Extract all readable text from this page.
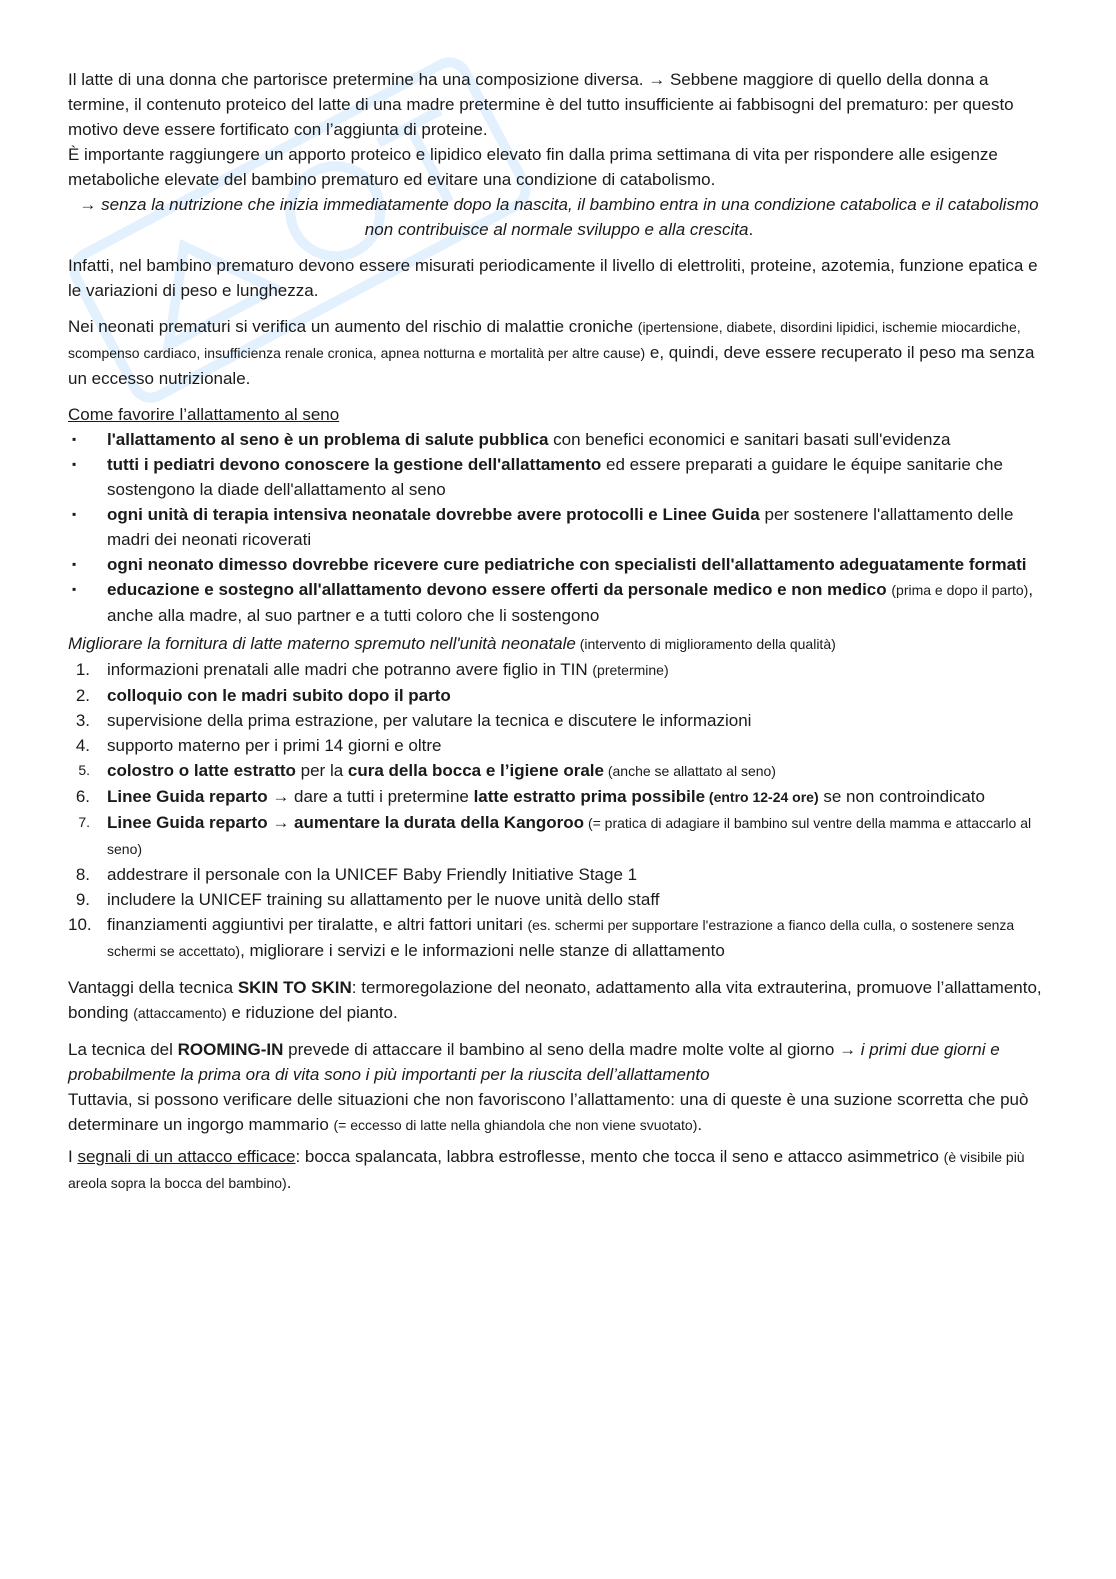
Il latte di una donna che partorisce pretermine ha una composizione diversa. → Sebbene maggiore di quello della donna a termine, il contenuto proteico del latte di una madre pretermine è del tutto insufficiente ai fabbisogni del prematuro: per questo motivo deve essere fortificato con l’aggiunta di proteine.

È importante raggiungere un apporto proteico e lipidico elevato fin dalla prima settimana di vita per rispondere alle esigenze metaboliche elevate del bambino prematuro ed evitare una condizione di catabolismo.

→ senza la nutrizione che inizia immediatamente dopo la nascita, il bambino entra in una condizione catabolica e il catabolismo non contribuisce al normale sviluppo e alla crescita.

Infatti, nel bambino prematuro devono essere misurati periodicamente il livello di elettroliti, proteine, azotemia, funzione epatica e le variazioni di peso e lunghezza.

Nei neonati prematuri si verifica un aumento del rischio di malattie croniche (ipertensione, diabete, disordini lipidici, ischemie miocardiche, scompenso cardiaco, insufficienza renale cronica, apnea notturna e mortalità per altre cause) e, quindi, deve essere recuperato il peso ma senza un eccesso nutrizionale.

Come favorire l’allattamento al seno

▪ l'allattamento al seno è un problema di salute pubblica con benefici economici e sanitari basati sull'evidenza

▪ tutti i pediatri devono conoscere la gestione dell'allattamento ed essere preparati a guidare le équipe sanitarie che sostengono la diade dell'allattamento al seno

▪ ogni unità di terapia intensiva neonatale dovrebbe avere protocolli e Linee Guida per sostenere l'allattamento delle madri dei neonati ricoverati

▪ ogni neonato dimesso dovrebbe ricevere cure pediatriche con specialisti dell'allattamento adeguatamente formati

▪ educazione e sostegno all'allattamento devono essere offerti da personale medico e non medico (prima e dopo il parto), anche alla madre, al suo partner e a tutti coloro che li sostengono

Migliorare la fornitura di latte materno spremuto nell'unità neonatale (intervento di miglioramento della qualità)

1. informazioni prenatali alle madri che potranno avere figlio in TIN (pretermine)

2. colloquio con le madri subito dopo il parto

3. supervisione della prima estrazione, per valutare la tecnica e discutere le informazioni

4. supporto materno per i primi 14 giorni e oltre

5. colostro o latte estratto per la cura della bocca e l’igiene orale (anche se allattato al seno)

6. Linee Guida reparto → dare a tutti i pretermine latte estratto prima possibile (entro 12-24 ore) se non controindicato

7. Linee Guida reparto → aumentare la durata della Kangoroo (= pratica di adagiare il bambino sul ventre della mamma e attaccarlo al seno)

8. addestrare il personale con la UNICEF Baby Friendly Initiative Stage 1

9. includere la UNICEF training su allattamento per le nuove unità dello staff

10. finanziamenti aggiuntivi per tiralatte, e altri fattori unitari (es. schermi per supportare l'estrazione a fianco della culla, o sostenere senza schermi se accettato), migliorare i servizi e le informazioni nelle stanze di allattamento

Vantaggi della tecnica SKIN TO SKIN: termoregolazione del neonato, adattamento alla vita extrauterina, promuove l’allattamento, bonding (attaccamento) e riduzione del pianto.

La tecnica del ROOMING-IN prevede di attaccare il bambino al seno della madre molte volte al giorno → i primi due giorni e probabilmente la prima ora di vita sono i più importanti per la riuscita dell’allattamento

Tuttavia, si possono verificare delle situazioni che non favoriscono l’allattamento: una di queste è una suzione scorretta che può determinare un ingorgo mammario (= eccesso di latte nella ghiandola che non viene svuotato).

I segnali di un attacco efficace: bocca spalancata, labbra estroflesse, mento che tocca il seno e attacco asimmetrico (è visibile più areola sopra la bocca del bambino).
